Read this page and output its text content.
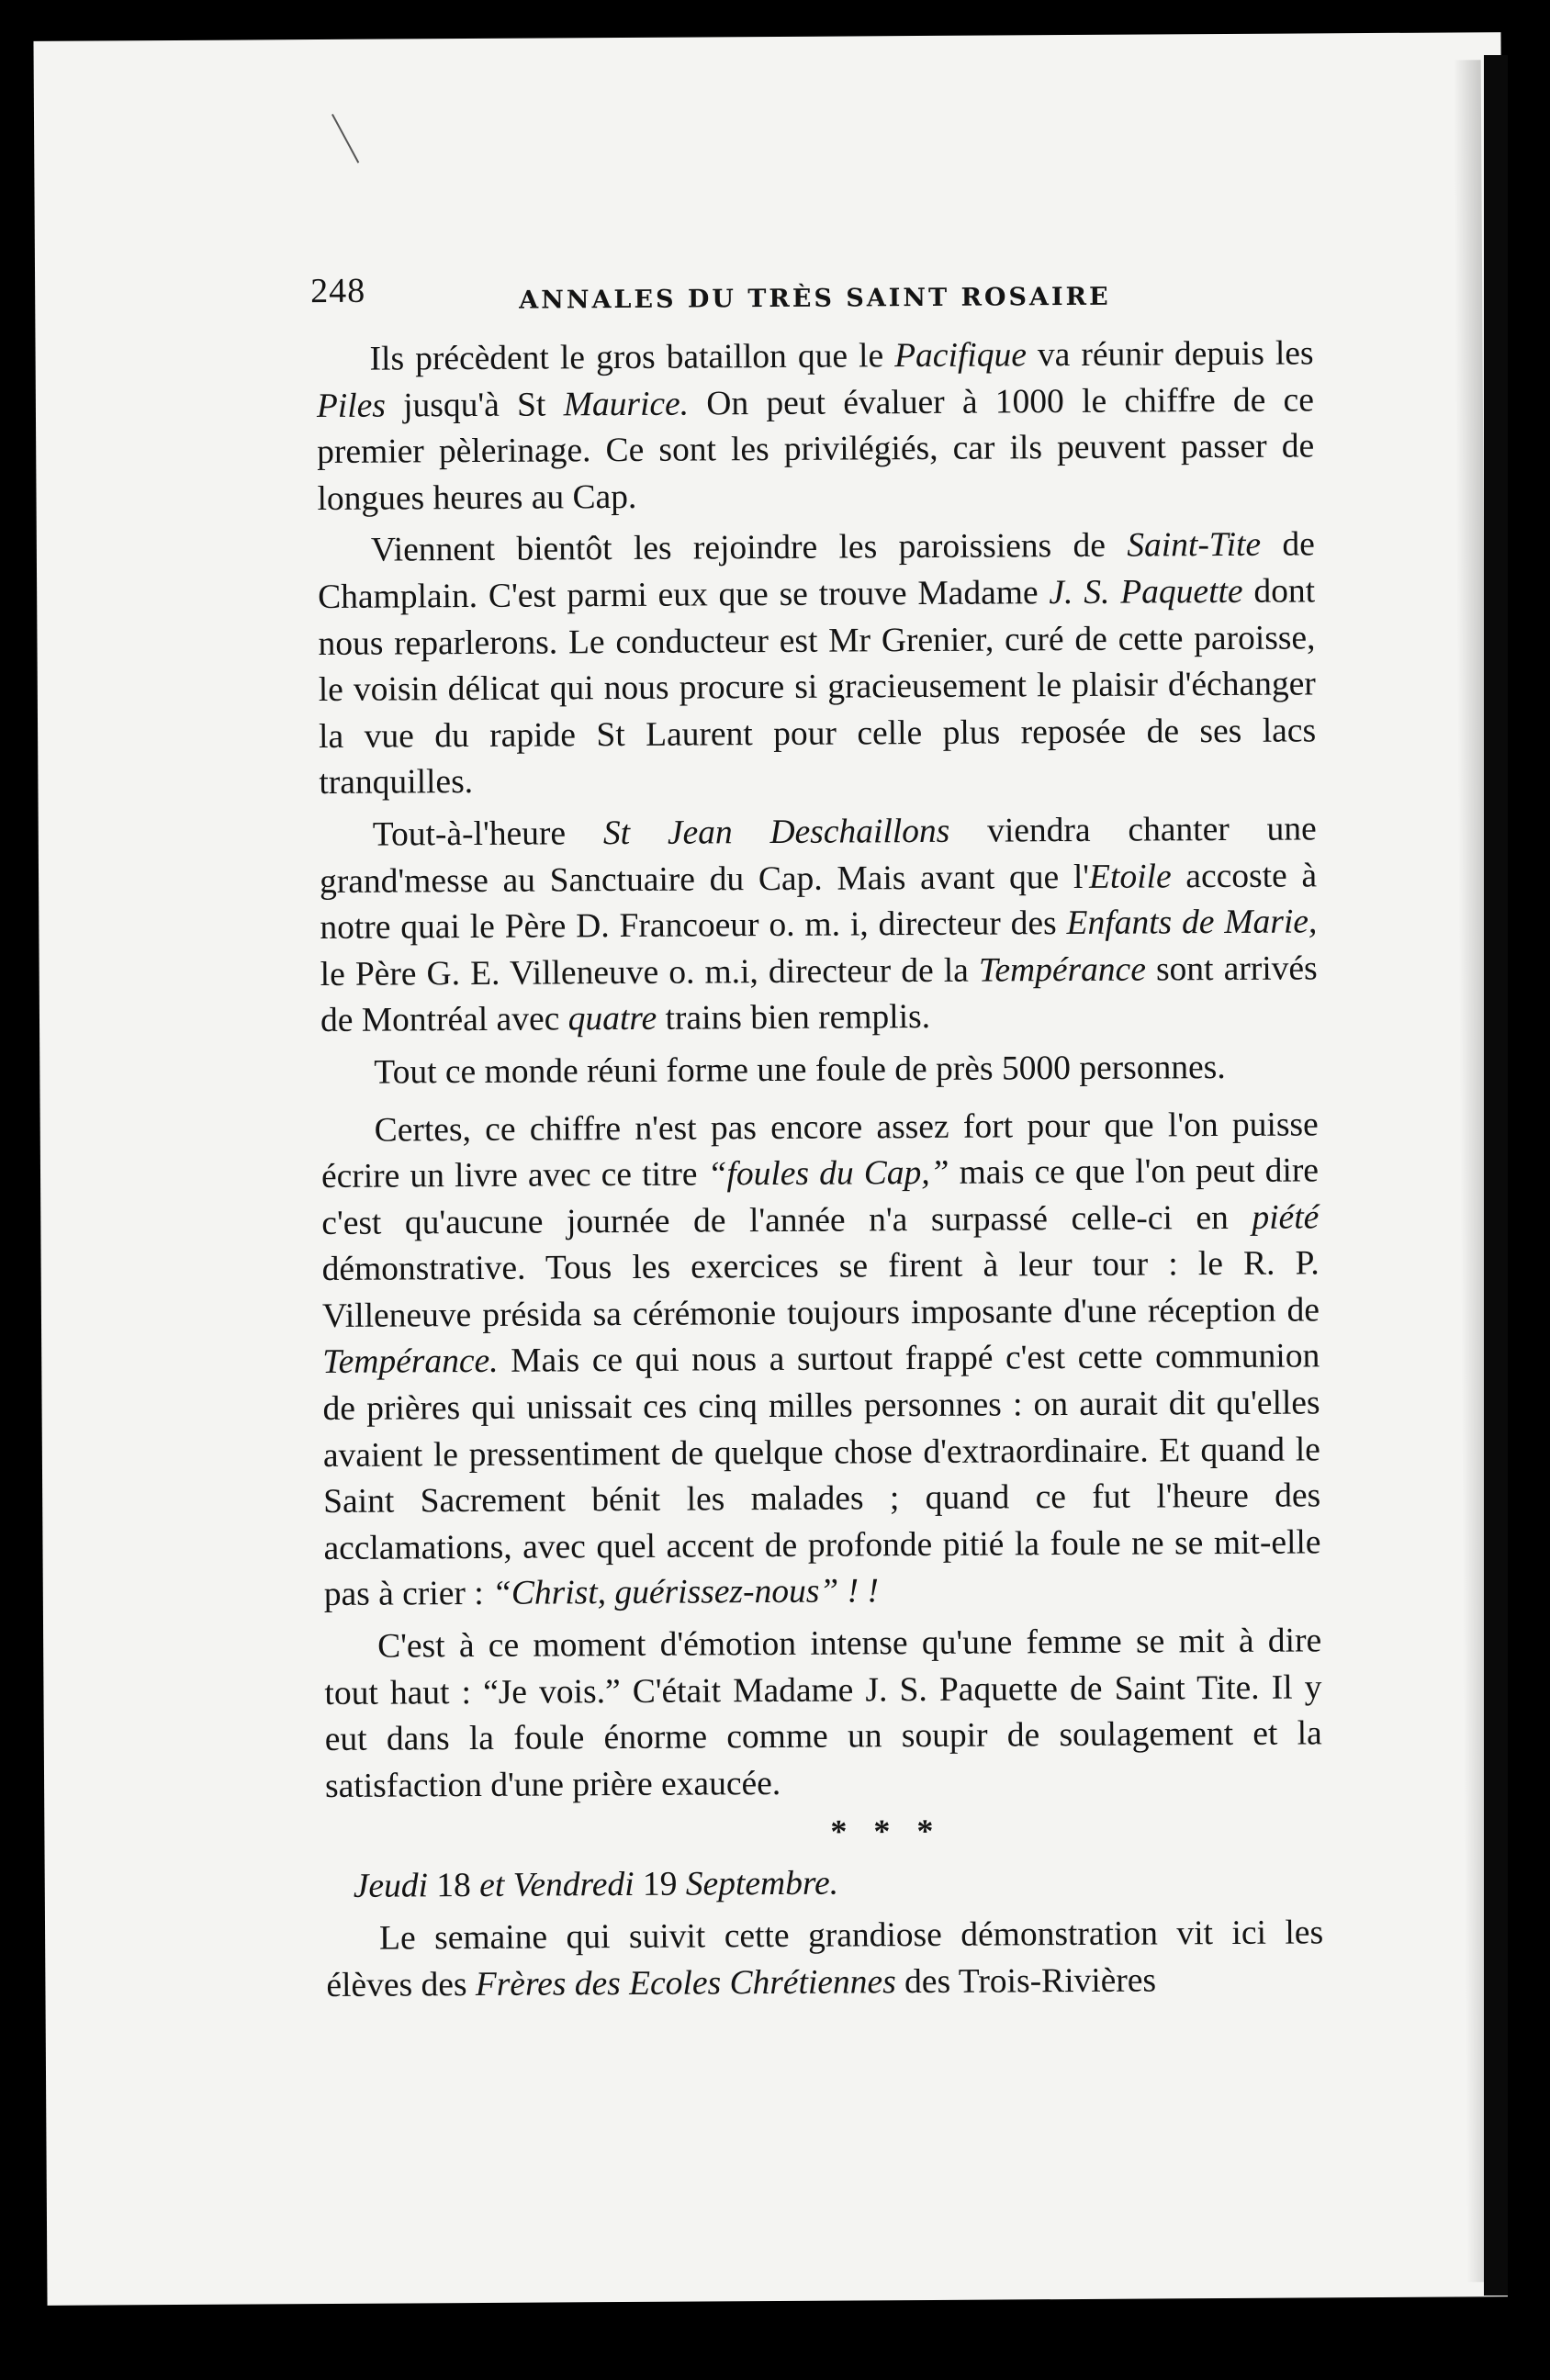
248	ANNALES DU TRÈS SAINT ROSAIRE

Ils précèdent le gros bataillon que le Pacifique va réunir depuis les Piles jusqu'à St Maurice. On peut évaluer à 1000 le chiffre de ce premier pèlerinage. Ce sont les privilégiés, car ils peuvent passer de longues heures au Cap.

Viennent bientôt les rejoindre les paroissiens de Saint-Tite de Champlain. C'est parmi eux que se trouve Madame J. S. Paquette dont nous reparlerons. Le conducteur est Mr Grenier, curé de cette paroisse, le voisin délicat qui nous procure si gracieusement le plaisir d'échanger la vue du rapide St Laurent pour celle plus reposée de ses lacs tranquilles.

Tout-à-l'heure St Jean Deschaillons viendra chanter une grand'messe au Sanctuaire du Cap. Mais avant que l'Etoile accoste à notre quai le Père D. Francoeur o. m. i, directeur des Enfants de Marie, le Père G. E. Villeneuve o. m.i, directeur de la Tempérance sont arrivés de Montréal avec quatre trains bien remplis.

Tout ce monde réuni forme une foule de près 5000 personnes.

Certes, ce chiffre n'est pas encore assez fort pour que l'on puisse écrire un livre avec ce titre “foules du Cap,” mais ce que l'on peut dire c'est qu'aucune journée de l'année n'a surpassé celle-ci en piété démonstrative. Tous les exercices se firent à leur tour : le R. P. Villeneuve présida sa cérémonie toujours imposante d'une réception de Tempérance. Mais ce qui nous a surtout frappé c'est cette communion de prières qui unissait ces cinq milles personnes : on aurait dit qu'elles avaient le pressentiment de quelque chose d'extraordinaire. Et quand le Saint Sacrement bénit les malades ; quand ce fut l'heure des acclamations, avec quel accent de profonde pitié la foule ne se mit-elle pas à crier : “Christ, guérissez-nous” ! !

C'est à ce moment d'émotion intense qu'une femme se mit à dire tout haut : “Je vois.” C'était Madame J. S. Paquette de Saint Tite. Il y eut dans la foule énorme comme un soupir de soulagement et la satisfaction d'une prière exaucée.

* * *

Jeudi 18 et Vendredi 19 Septembre.

Le semaine qui suivit cette grandiose démonstration vit ici les élèves des Frères des Ecoles Chrétiennes des Trois-Rivières
